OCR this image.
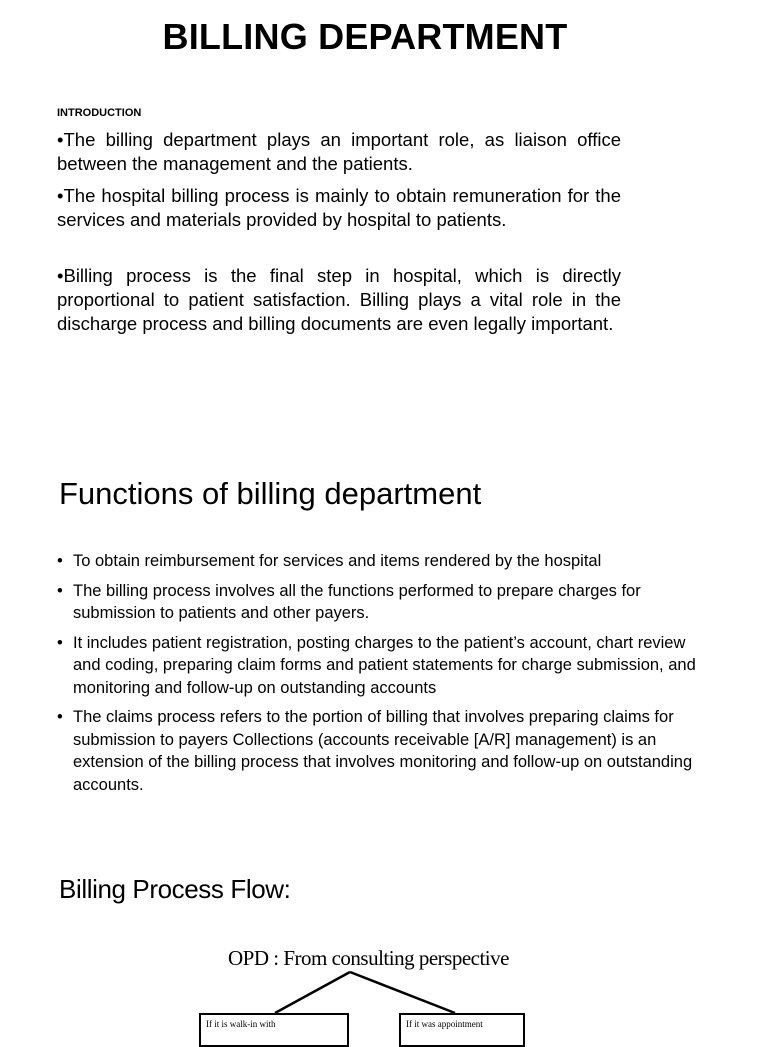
BILLING DEPARTMENT
INTRODUCTION

•The billing department plays an important role, as liaison office between the management and the patients.

•The hospital billing process is mainly to obtain remuneration for the services and materials provided by hospital to patients.

•Billing process is the final step in hospital, which is directly proportional to patient satisfaction. Billing plays a vital role in the discharge process and billing documents are even legally important.

Functions of billing department
• To obtain reimbursement for services and items rendered by the hospital
• The billing process involves all the functions performed to prepare charges for submission to patients and other payers.
• It includes patient registration, posting charges to the patient’s account, chart review and coding, preparing claim forms and patient statements for charge submission, and monitoring and follow-up on outstanding accounts
• The claims process refers to the portion of billing that involves preparing claims for submission to payers Collections (accounts receivable [A/R] management) is an extension of the billing process that involves monitoring and follow-up on outstanding accounts.
Billing Process Flow:
OPD : From consulting perspective
If it is walk-in with	If it was appointment
